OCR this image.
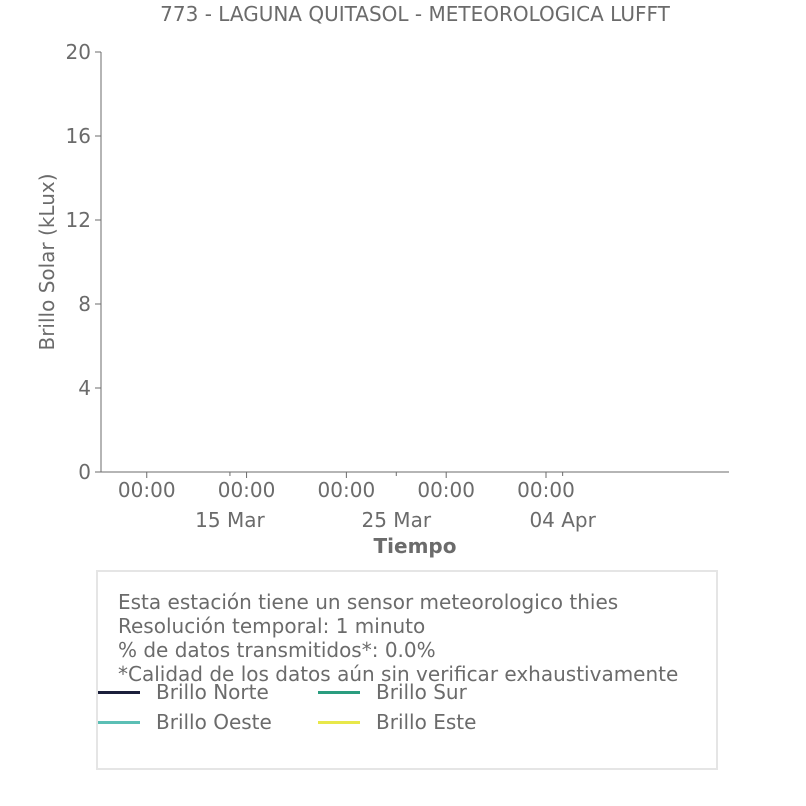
773 - LAGUNA QUITASOL - METEOROLOGICA LUFFT
Brillo Solar (kLux)
Tiempo
0
4
8
12
16
20
00:00 00:00 00:00 00:00 00:00
15 Mar	25 Mar	04 Apr
Esta estación tiene un sensor meteorologico thies
Resolución temporal: 1 minuto
% de datos transmitidos*: 0.0%
*Calidad de los datos aún sin verificar exhaustivamente
Brillo Norte	Brillo Sur
Brillo Oeste	Brillo Este
